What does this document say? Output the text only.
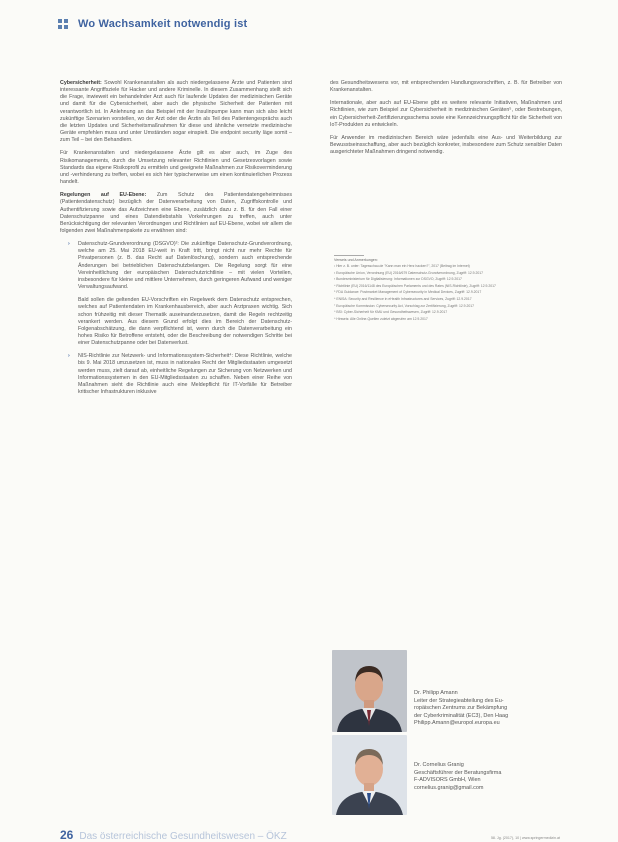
Wo Wachsamkeit notwendig ist

Cybersicherheit: Sowohl Krankenanstalten als auch niedergelassene Ärzte und Patienten sind interessante Angriffsziele für Hacker und andere Kriminelle. In diesem Zusammenhang stellt sich die Frage, inwieweit ein behandelnder Arzt auch für laufende Updates der medizinischen Geräte und damit für die Cybersicherheit, aber auch die physische Sicherheit der Patienten mit verantwortlich ist. In Anlehnung an das Beispiel mit der Insulinpumpe kann man sich also leicht zukünftige Szenarien vorstellen, wo der Arzt oder die Ärztin als Teil des Patientengesprächs auch die letzten Updates und Sicherheitsmaßnahmen für diese und ähnliche vernetzte medizinische Geräte empfehlen muss und unter Umständen sogar einspielt. Die endpoint security läge somit – zum Teil – bei den Behandlern.

Für Krankenanstalten und niedergelassene Ärzte gilt es aber auch, im Zuge des Risikomanagements, durch die Umsetzung relevanter Richtlinien und Gesetzesvorlagen sowie Standards das eigene Risikoprofil zu ermitteln und geeignete Maßnahmen zur Risikoverminderung und -verhinderung zu treffen, wobei es sich hier typischerweise um einen kontinuierlichen Prozess handelt.

Regelungen auf EU-Ebene: Zum Schutz des Patientendatengeheimnisses (Patientendatenschutz) bezüglich der Datenverarbeitung von Daten, Zugriffskontrolle und Authentifizierung sowie das Aufzeichnen eine Ebene, zusätzlich dazu z. B. für den Fall einer Datenschutzpanne und eines Datendiebstahls Vorkehrungen zu treffen, auch unter Berücksichtigung der relevanten Verordnungen und Richtlinien auf EU-Ebene, wobei wir allem die folgenden zwei Maßnahmenpakete zu erwähnen sind:

› Datenschutz-Grundverordnung (DSGVO)²: Die zukünftige Datenschutz-Grundverordnung, welche am 25. Mai 2018 EU-weit in Kraft tritt, bringt nicht nur mehr Rechte für Privatpersonen (z. B. das Recht auf Datenlöschung), sondern auch entsprechende Änderungen bei betrieblichen Datenschutzbelangen. Die Regelung sorgt für eine Vereinheitlichung der europäischen Datenschutzrichtlinie – mit vielen Vorteilen, insbesondere für kleine und mittlere Unternehmen, durch geringeren Aufwand und weniger Verwaltungsaufwand.

Bald sollen die geltenden EU-Vorschriften ein Regelwerk dem Datenschutz entsprechen, welches auf Patientendaten im Krankenhausbereich, aber auch Arztpraxen wichtig. Sich schon frühzeitig mit dieser Thematik auseinanderzusetzen, damit die Regeln rechtzeitig verankert werden. Aus diesem Grund erfolgt dies im Bereich der Datenschutz-Folgenabschätzung, die dann verpflichtend ist, wenn durch die Datenverarbeitung ein hohes Risiko für Betroffene entsteht, oder die Beschreibung der notwendigen Schritte bei einer Datenschutzpanne oder bei Datenverlust.

› NIS-Richtlinie zur Netzwerk- und Informationssystem-Sicherheit⁴: Diese Richtlinie, welche bis 9. Mai 2018 umzusetzen ist, muss in nationales Recht der Mitgliedsstaaten umgesetzt werden muss, zielt darauf ab, einheitliche Regelungen zur Sicherung von Netzwerken und Informationssystemen in den EU-Mitgliedsstaaten zu schaffen. Neben einer Reihe von Maßnahmen sieht die Richtlinie auch eine Meldepflicht für IT-Vorfälle für Betreiber kritischer Infrastrukturen inklusive

des Gesundheitswesens vor, mit entsprechenden Handlungsvorschriften, z. B. für Betreiber von Krankenanstalten.

Internationale, aber auch auf EU-Ebene gibt es weitere relevante Initiativen, Maßnahmen und Richtlinien, wie zum Beispiel zur Cybersicherheit in medizinischen Geräten⁵, oder Bestrebungen, ein Cybersicherheit-Zertifizierungsschema sowie eine Kennzeichnungspflicht für die Sicherheit von IoT-Produkten zu entwickeln.

Für Anwender im medizinischen Bereich wäre jedenfalls eine Aus- und Weiterbildung zur Bewusstseinsschaffung, aber auch bezüglich konkreter, insbesondere zum Schutz sensibler Daten ausgerichteter Maßnahmen dringend notwendig.

Verweis und Anmerkungen:
¹ Hier z. B. unter: Tagesschau.de "Kann man ein Herz hacken?", 2017 (Beitrag im Internet)
² Europäische Union, Verordnung (EU) 2016/679 Datenschutz-Grundverordnung, Zugriff: 12.9.2017
³ Bundesministerium für Digitalisierung: Informationen zur DSGVO, Zugriff: 12.9.2017
⁴ Richtlinie (EU) 2016/1148 des Europäischen Parlaments und des Rates (NIS-Richtlinie), Zugriff: 12.9.2017
⁵ FDA Guidance: Postmarket Management of Cybersecurity in Medical Devices, Zugriff: 12.9.2017
⁶ ENISA: Security and Resilience in eHealth Infrastructures and Services, Zugriff: 12.9.2017
⁷ Europäische Kommission: Cybersecurity Act, Vorschlag zur Zertifizierung, Zugriff: 12.9.2017
⁸ BSI: Cyber-Sicherheit für KMU und Gesundheitswesen, Zugriff: 12.9.2017
⁹ Hinweis: Alle Online-Quellen zuletzt abgerufen am 12.9.2017
Dr. Philipp Amann
Leiter der Strategieabteilung des Eu-
ropäischen Zentrums zur Bekämpfung
der Cyberkriminalität (EC3), Den Haag
Philipp.Amann@europol.europa.eu
Dr. Cornelius Granig
Geschäftsführer der Beratungsfirma
F-ADVISORS GmbH, Wien
cornelius.granig@gmail.com
26 Das österreichische Gesundheitswesen – ÖKZ	58. Jg. (2017), 10 | www.springermedizin.at
